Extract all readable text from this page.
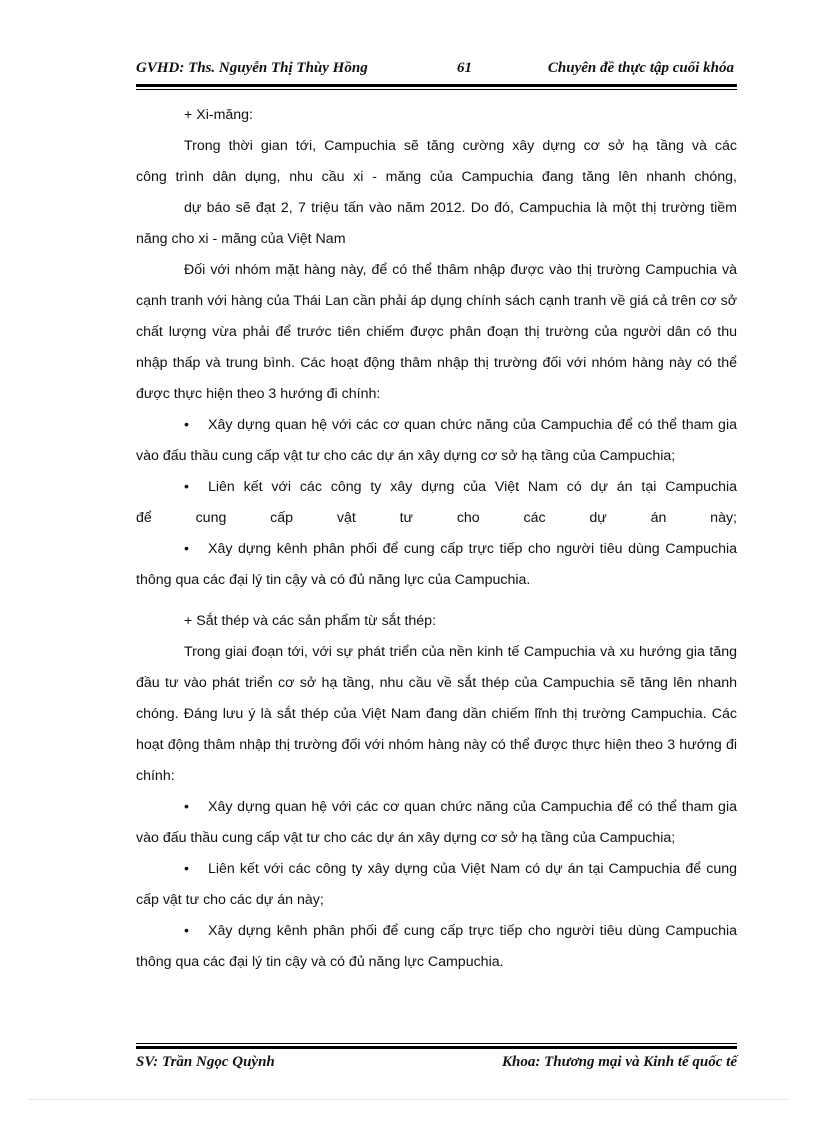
GVHD: Ths. Nguyễn Thị Thùy Hồng	61	Chuyên đề thực tập cuối khóa

+ Xi-măng:

Trong thời gian tới, Campuchia sẽ tăng cường xây dựng cơ sở hạ tầng và các

công trình dân dụng, nhu cầu xi - măng của Campuchia đang tăng lên nhanh chóng,

dự báo sẽ đạt 2, 7 triệu tấn vào năm 2012. Do đó, Campuchia là một thị trường tiềm năng cho xi - măng của Việt Nam

Đối với nhóm mặt hàng này, để có thể thâm nhập được vào thị trường Campuchia và cạnh tranh với hàng của Thái Lan cần phải áp dụng chính sách cạnh tranh về giá cả trên cơ sở chất lượng vừa phải để trước tiên chiếm được phân đoạn thị trường của người dân có thu nhập thấp và trung bình. Các hoạt động thâm nhập thị trường đối với nhóm hàng này có thể được thực hiện theo 3 hướng đi chính:

• Xây dựng quan hệ với các cơ quan chức năng của Campuchia để có thể tham gia vào đấu thầu cung cấp vật tư cho các dự án xây dựng cơ sở hạ tầng của Campuchia;

• Liên kết với các công ty xây dựng của Việt Nam có dự án tại Campuchia

để cung cấp vật tư cho các dự án này;

• Xây dựng kênh phân phối để cung cấp trực tiếp cho người tiêu dùng Campuchia thông qua các đại lý tin cậy và có đủ năng lực của Campuchia.

+ Sắt thép và các sản phẩm từ sắt thép:

Trong giai đoạn tới, với sự phát triển của nền kinh tế Campuchia và xu hướng gia tăng đầu tư vào phát triển cơ sở hạ tầng, nhu cầu về sắt thép của Campuchia sẽ tăng lên nhanh chóng. Đáng lưu ý là sắt thép của Việt Nam đang dần chiếm lĩnh thị trường Campuchia. Các hoạt động thâm nhập thị trường đối với nhóm hàng này có thể được thực hiện theo 3 hướng đi chính:

• Xây dựng quan hệ với các cơ quan chức năng của Campuchia để có thể tham gia vào đấu thầu cung cấp vật tư cho các dự án xây dựng cơ sở hạ tầng của Campuchia;

• Liên kết với các công ty xây dựng của Việt Nam có dự án tại Campuchia để cung cấp vật tư cho các dự án này;

• Xây dựng kênh phân phối để cung cấp trực tiếp cho người tiêu dùng Campuchia thông qua các đại lý tin cậy và có đủ năng lực Campuchia.

SV: Trần Ngọc Quỳnh	Khoa: Thương mại và Kinh tế quốc tế
